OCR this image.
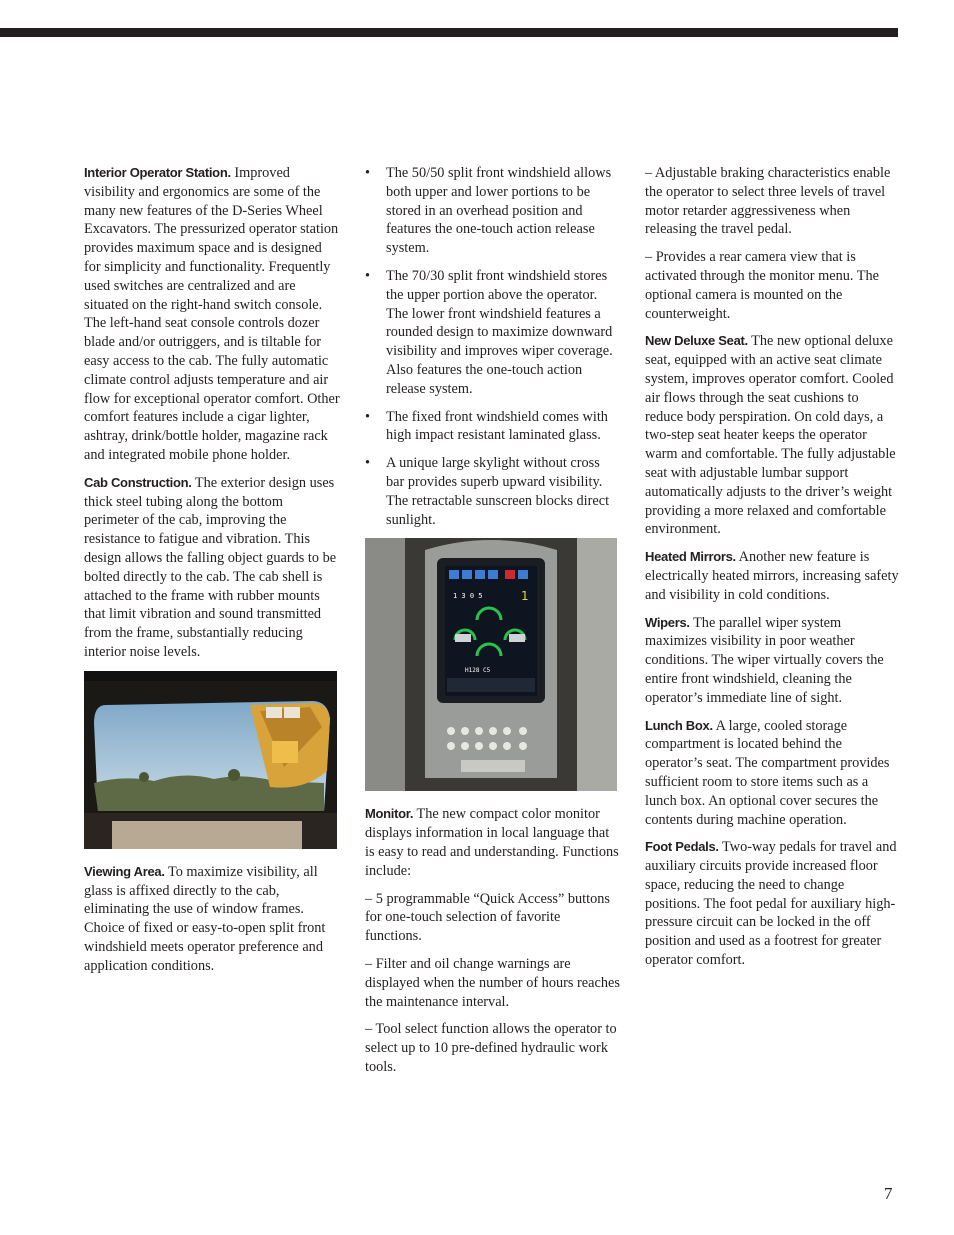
Interior Operator Station. Improved visibility and ergonomics are some of the many new features of the D-Series Wheel Excavators. The pressurized operator station provides maximum space and is designed for simplicity and functionality. Frequently used switches are centralized and are situated on the right-hand switch console. The left-hand seat console controls dozer blade and/or outriggers, and is tiltable for easy access to the cab. The fully automatic climate control adjusts temperature and air flow for exceptional operator comfort. Other comfort features include a cigar lighter, ashtray, drink/bottle holder, magazine rack and integrated mobile phone holder.

Cab Construction. The exterior design uses thick steel tubing along the bottom perimeter of the cab, improving the resistance to fatigue and vibration. This design allows the falling object guards to be bolted directly to the cab. The cab shell is attached to the frame with rubber mounts that limit vibration and sound transmitted from the frame, substantially reducing interior noise levels.

Viewing Area. To maximize visibility, all glass is affixed directly to the cab, eliminating the use of window frames. Choice of fixed or easy-to-open split front windshield meets operator preference and application conditions.

• The 50/50 split front windshield allows both upper and lower portions to be stored in an overhead position and features the one-touch action release system.
• The 70/30 split front windshield stores the upper portion above the operator. The lower front windshield features a rounded design to maximize downward visibility and improves wiper coverage. Also features the one-touch action release system.
• The fixed front windshield comes with high impact resistant laminated glass.
• A unique large skylight without cross bar provides superb upward visibility. The retractable sunscreen blocks direct sunlight.
1 3 0 5	1
H128 C5

Monitor. The new compact color monitor displays information in local language that is easy to read and understanding. Functions include:

– 5 programmable “Quick Access” buttons for one-touch selection of favorite functions.

– Filter and oil change warnings are displayed when the number of hours reaches the maintenance interval.

– Tool select function allows the operator to select up to 10 pre-defined hydraulic work tools.

– Adjustable braking characteristics enable the operator to select three levels of travel motor retarder aggressiveness when releasing the travel pedal.

– Provides a rear camera view that is activated through the monitor menu. The optional camera is mounted on the counterweight.

New Deluxe Seat. The new optional deluxe seat, equipped with an active seat climate system, improves operator comfort. Cooled air flows through the seat cushions to reduce body perspiration. On cold days, a two-step seat heater keeps the operator warm and comfortable. The fully adjustable seat with adjustable lumbar support automatically adjusts to the driver’s weight providing a more relaxed and comfortable environment.

Heated Mirrors. Another new feature is electrically heated mirrors, increasing safety and visibility in cold conditions.

Wipers. The parallel wiper system maximizes visibility in poor weather conditions. The wiper virtually covers the entire front windshield, cleaning the operator’s immediate line of sight.

Lunch Box. A large, cooled storage compartment is located behind the operator’s seat. The compartment provides sufficient room to store items such as a lunch box. An optional cover secures the contents during machine operation.

Foot Pedals. Two-way pedals for travel and auxiliary circuits provide increased floor space, reducing the need to change positions. The foot pedal for auxiliary high-pressure circuit can be locked in the off position and used as a footrest for greater operator comfort.

7
